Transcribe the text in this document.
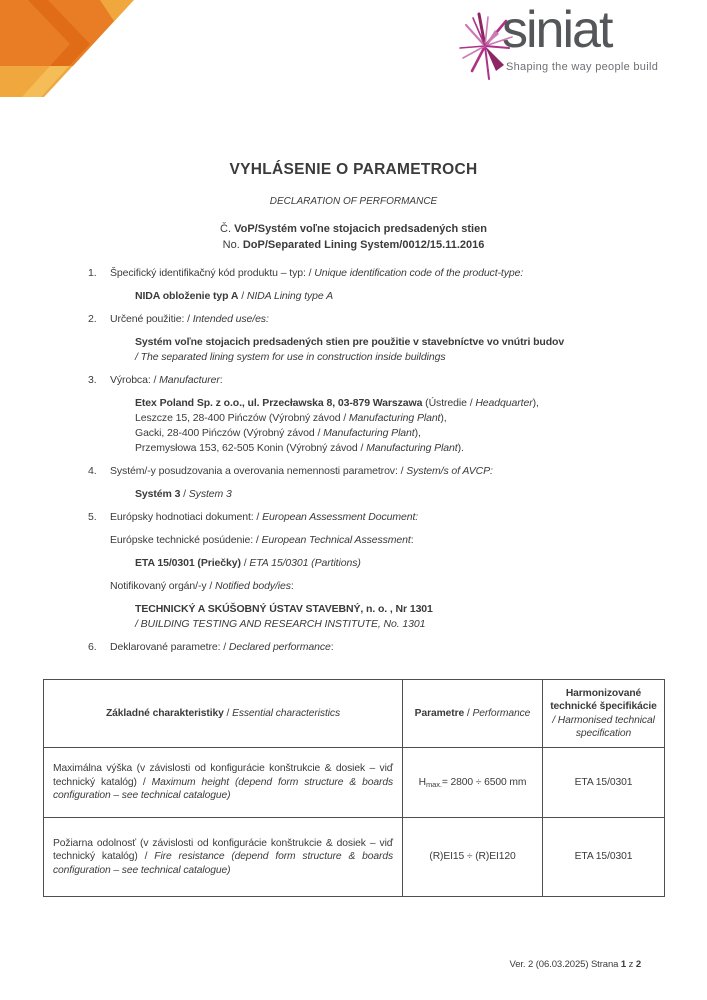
siniat
Shaping the way people build
VYHLÁSENIE O PARAMETROCH
DECLARATION OF PERFORMANCE
Č. VoP/Systém voľne stojacich predsadených stien
No. DoP/Separated Lining System/0012/15.11.2016
1.	Špecifický identifikačný kód produktu – typ: / Unique identification code of the product-type:
NIDA obloženie typ A / NIDA Lining type A
2.	Určené použitie: / Intended use/es:
Systém voľne stojacich predsadených stien pre použitie v stavebníctve vo vnútri budov
/ The separated lining system for use in construction inside buildings
3.	Výrobca: / Manufacturer:
Etex Poland Sp. z o.o., ul. Przecławska 8, 03-879 Warszawa (Ústredie / Headquarter),
Leszcze 15, 28-400 Pińczów (Výrobný závod / Manufacturing Plant),
Gacki, 28-400 Pińczów (Výrobný závod / Manufacturing Plant),
Przemysłowa 153, 62-505 Konin (Výrobný závod / Manufacturing Plant).
4.	Systém/-y posudzovania a overovania nemennosti parametrov: / System/s of AVCP:
Systém 3 / System 3
5.	Európsky hodnotiaci dokument: / European Assessment Document:
Európske technické posúdenie: / European Technical Assessment:
ETA 15/0301 (Priečky) / ETA 15/0301 (Partitions)
Notifikovaný orgán/-y / Notified body/ies:
TECHNICKÝ A SKÚŠOBNÝ ÚSTAV STAVEBNÝ, n. o. , Nr 1301
/ BUILDING TESTING AND RESEARCH INSTITUTE, No. 1301
6.	Deklarované parametre: / Declared performance:
Základné charakteristiky / Essential characteristics	Parametre / Performance	Harmonizované technické špecifikácie / Harmonised technical specification
Maximálna výška (v závislosti od konfigurácie konštrukcie & dosiek – viď technický katalóg) / Maximum height (depend form structure & boards configuration – see technical catalogue)	$H_{max.}= 2800 \div 6500$ mm	ETA 15/0301
Požiarna odolnosť (v závislosti od konfigurácie konštrukcie & dosiek – viď technický katalóg) / Fire resistance (depend form structure & boards configuration – see technical catalogue)	(R)EI15 ÷ (R)EI120	ETA 15/0301
Ver. 2 (06.03.2025) Strana 1 z 2
